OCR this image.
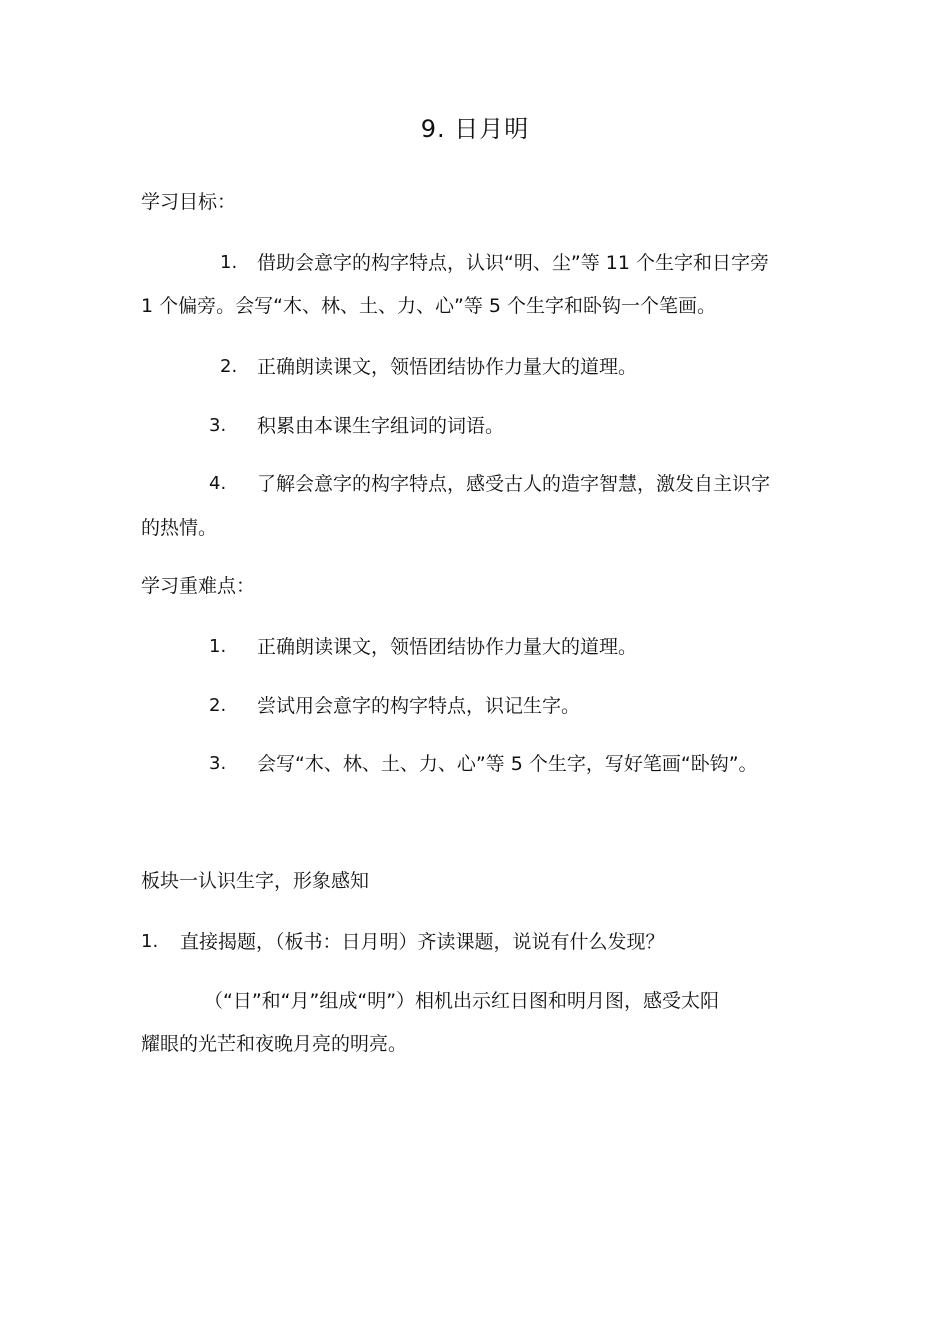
9. 日月明
学习目标：
1. 借助会意字的构字特点，认识“明、尘”等 11 个生字和日字旁
1 个偏旁。会写“木、林、土、力、心”等 5 个生字和卧钩一个笔画。
2. 正确朗读课文，领悟团结协作力量大的道理。
3. 积累由本课生字组词的词语。
4. 了解会意字的构字特点，感受古人的造字智慧，激发自主识字
的热情。
学习重难点：
1. 正确朗读课文，领悟团结协作力量大的道理。
2. 尝试用会意字的构字特点，识记生字。
3. 会写“木、林、土、力、心”等 5 个生字，写好笔画“卧钩”。
板块一认识生字，形象感知
1. 直接揭题，（板书：日月明）齐读课题，说说有什么发现？
（“日”和“月”组成“明”）相机出示红日图和明月图，感受太阳
耀眼的光芒和夜晚月亮的明亮。
